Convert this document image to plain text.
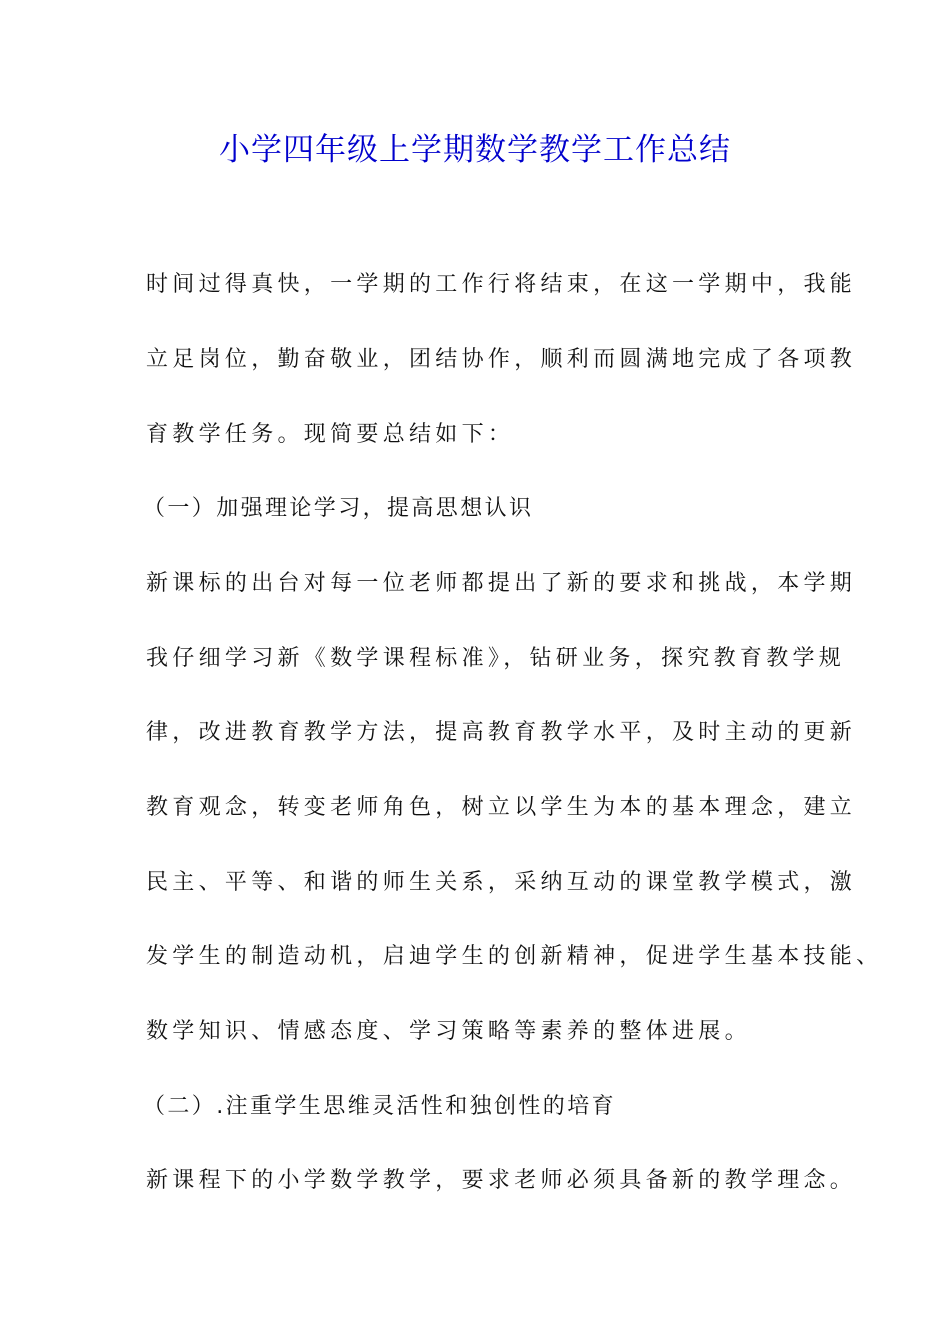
小学四年级上学期数学教学工作总结

时间过得真快，一学期的工作行将结束，在这一学期中，我能

立足岗位，勤奋敬业，团结协作，顺利而圆满地完成了各项教

育教学任务。现简要总结如下：

（一）加强理论学习，提高思想认识

新课标的出台对每一位老师都提出了新的要求和挑战，本学期

我仔细学习新《数学课程标准》，钻研业务，探究教育教学规

律，改进教育教学方法，提高教育教学水平，及时主动的更新

教育观念，转变老师角色，树立以学生为本的基本理念，建立

民主、平等、和谐的师生关系，采纳互动的课堂教学模式，激

发学生的制造动机，启迪学生的创新精神，促进学生基本技能、

数学知识、情感态度、学习策略等素养的整体进展。

（二）.注重学生思维灵活性和独创性的培育

新课程下的小学数学教学，要求老师必须具备新的教学理念。
